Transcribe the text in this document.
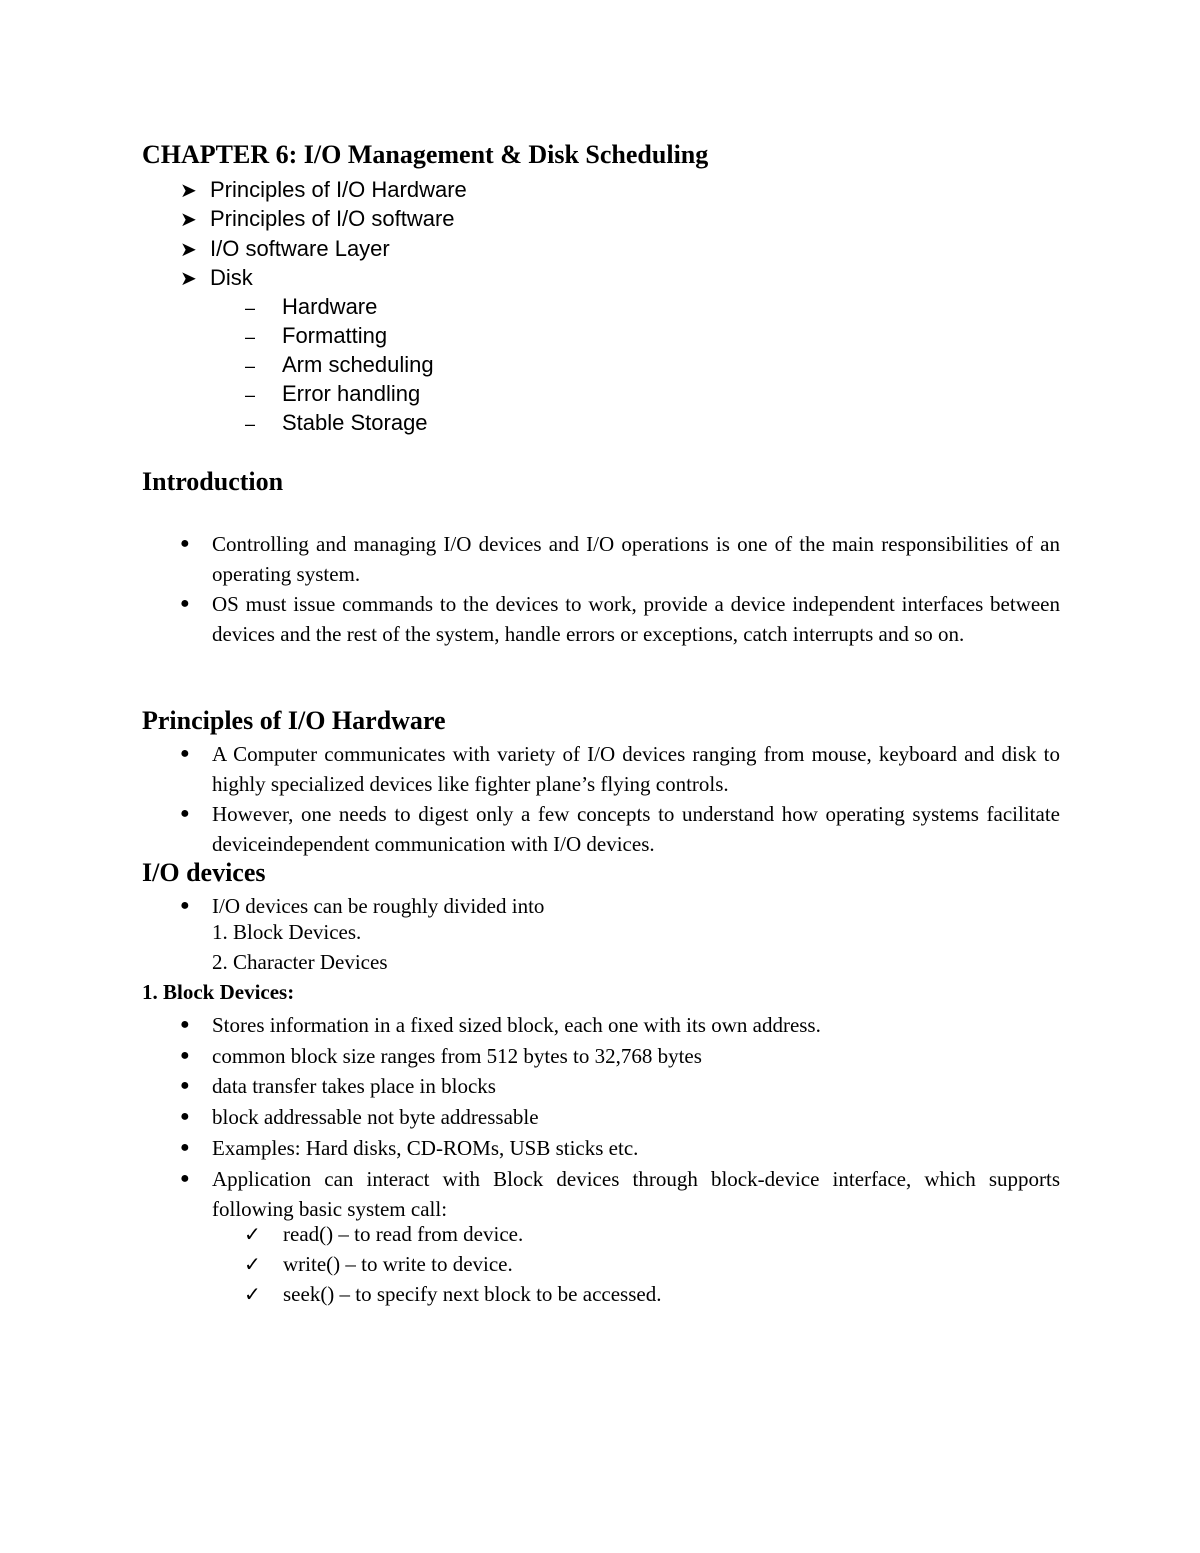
CHAPTER 6: I/O Management & Disk Scheduling
➤ Principles of I/O Hardware
➤ Principles of I/O software
➤ I/O software Layer
➤ Disk
– Hardware
– Formatting
– Arm scheduling
– Error handling
– Stable Storage
Introduction
● Controlling and managing I/O devices and I/O operations is one of the main responsibilities of an operating system.
● OS must issue commands to the devices to work, provide a device independent interfaces between devices and the rest of the system, handle errors or exceptions, catch interrupts and so on.
Principles of I/O Hardware
● A Computer communicates with variety of I/O devices ranging from mouse, keyboard and disk to highly specialized devices like fighter plane’s flying controls.
● However, one needs to digest only a few concepts to understand how operating systems facilitate deviceindependent communication with I/O devices.
I/O devices
● I/O devices can be roughly divided into
1. Block Devices.
2. Character Devices
1. Block Devices:
● Stores information in a fixed sized block, each one with its own address.
● common block size ranges from 512 bytes to 32,768 bytes
● data transfer takes place in blocks
● block addressable not byte addressable
● Examples: Hard disks, CD-ROMs, USB sticks etc.
● Application can interact with Block devices through block-device interface, which supports following basic system call:
✓ read() – to read from device.
✓ write() – to write to device.
✓ seek() – to specify next block to be accessed.
